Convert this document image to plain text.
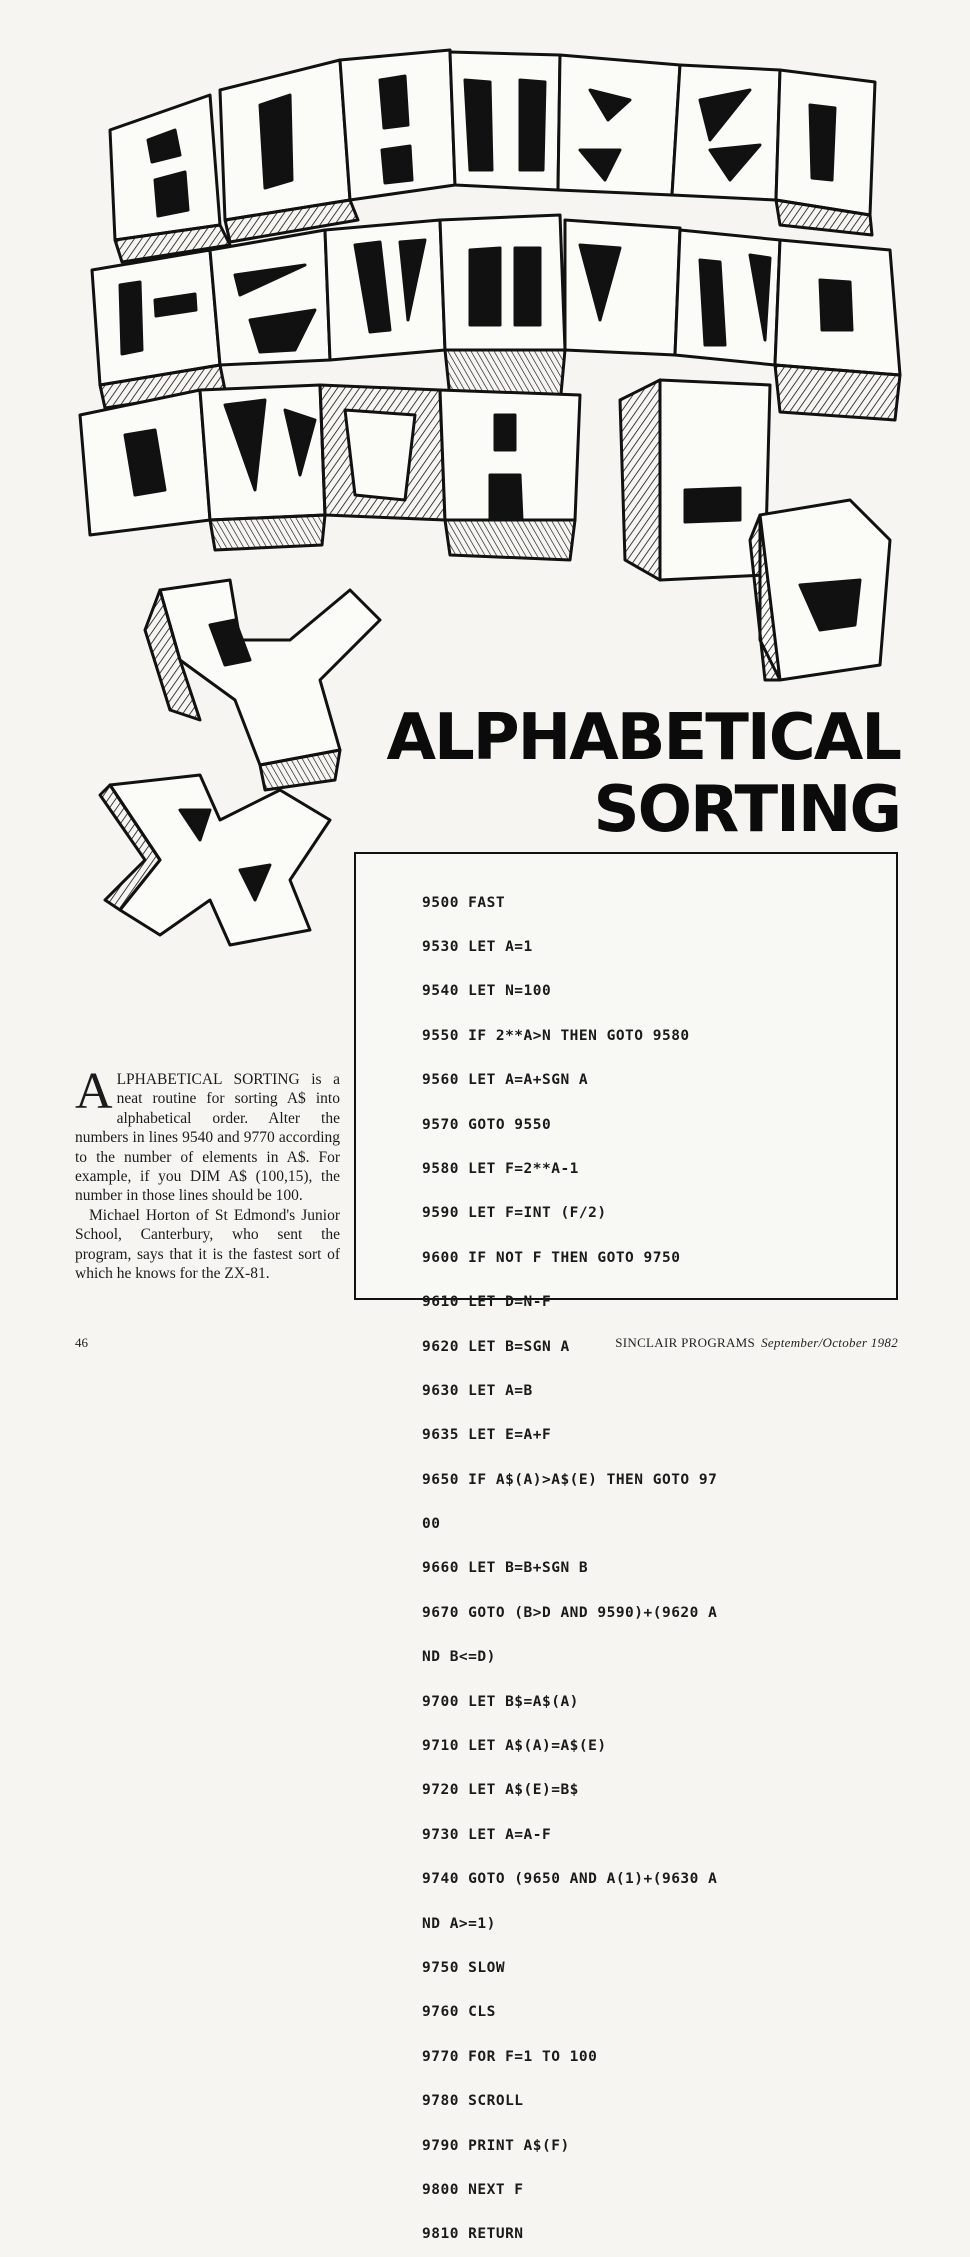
ALPHABETICAL
SORTING

9500 FAST

9530 LET A=1

9540 LET N=100

9550 IF 2**A>N THEN GOTO 9580

9560 LET A=A+SGN A

9570 GOTO 9550

9580 LET F=2**A-1

9590 LET F=INT (F/2)

9600 IF NOT F THEN GOTO 9750

9610 LET D=N-F

9620 LET B=SGN A

9630 LET A=B

9635 LET E=A+F

9650 IF A$(A)>A$(E) THEN GOTO 97

00

9660 LET B=B+SGN B

9670 GOTO (B>D AND 9590)+(9620 A

ND B<=D)

9700 LET B$=A$(A)

9710 LET A$(A)=A$(E)

9720 LET A$(E)=B$

9730 LET A=A-F

9740 GOTO (9650 AND A(1)+(9630 A

ND A>=1)

9750 SLOW

9760 CLS

9770 FOR F=1 TO 100

9780 SCROLL

9790 PRINT A$(F)

9800 NEXT F

9810 RETURN

ALPHABETICAL SORTING is a neat routine for sorting A$ into alphabetical order. Alter the numbers in lines 9540 and 9770 according to the number of elements in A$. For example, if you DIM A$ (100,15), the number in those lines should be 100.

Michael Horton of St Edmond's Junior School, Canterbury, who sent the program, says that it is the fastest sort of which he knows for the ZX-81.

46	SINCLAIR PROGRAMS September/October 1982
